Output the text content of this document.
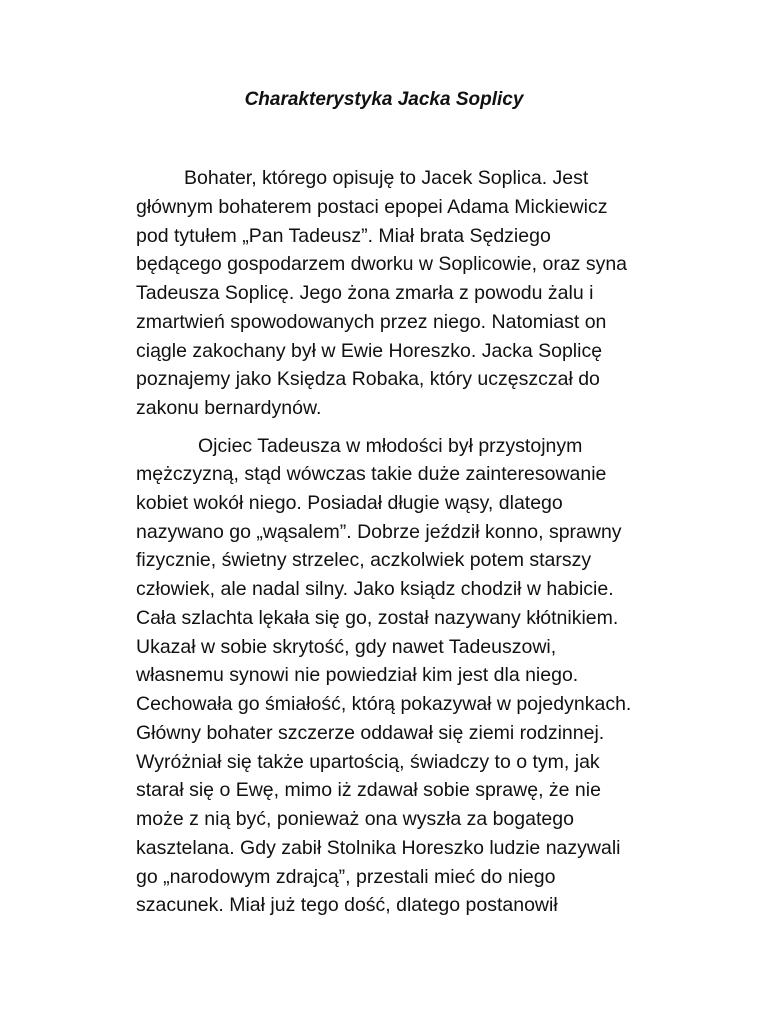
Charakterystyka Jacka Soplicy

Bohater, którego opisuję to Jacek Soplica. Jest

głównym bohaterem postaci epopei Adama Mickiewicz

pod tytułem „Pan Tadeusz”. Miał brata Sędziego

będącego gospodarzem dworku w Soplicowie, oraz syna

Tadeusza Soplicę. Jego żona zmarła z powodu żalu i

zmartwień spowodowanych przez niego. Natomiast on

ciągle zakochany był w Ewie Horeszko. Jacka Soplicę

poznajemy jako Księdza Robaka, który uczęszczał do

zakonu bernardynów.

Ojciec Tadeusza w młodości był przystojnym

mężczyzną, stąd wówczas takie duże zainteresowanie

kobiet wokół niego. Posiadał długie wąsy, dlatego

nazywano go „wąsalem”. Dobrze jeździł konno, sprawny

fizycznie, świetny strzelec, aczkolwiek potem starszy

człowiek, ale nadal silny. Jako ksiądz chodził w habicie.

Cała szlachta lękała się go, został nazywany kłótnikiem.

Ukazał w sobie skrytość, gdy nawet Tadeuszowi,

własnemu synowi nie powiedział kim jest dla niego.

Cechowała go śmiałość, którą pokazywał w pojedynkach.

Główny bohater szczerze oddawał się ziemi rodzinnej.

Wyróżniał się także upartością, świadczy to o tym, jak

starał się o Ewę, mimo iż zdawał sobie sprawę, że nie

może z nią być, ponieważ ona wyszła za bogatego

kasztelana. Gdy zabił Stolnika Horeszko ludzie nazywali

go „narodowym zdrajcą”, przestali mieć do niego

szacunek. Miał już tego dość, dlatego postanowił
